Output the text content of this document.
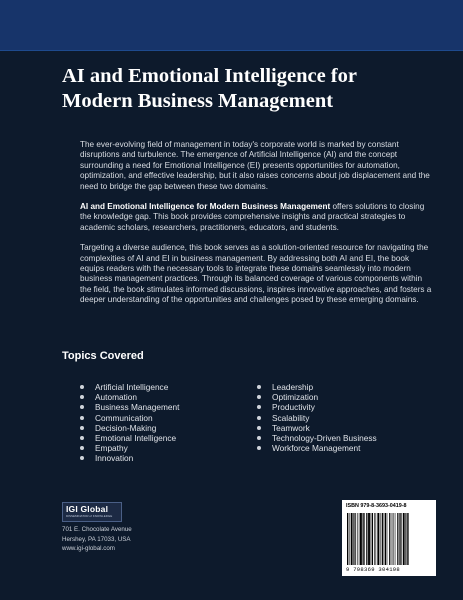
AI and Emotional Intelligence for
Modern Business Management

The ever-evolving field of management in today's corporate world is marked by constant disruptions and turbulence. The emergence of Artificial Intelligence (AI) and the concept surrounding a need for Emotional Intelligence (EI) presents opportunities for automation, optimization, and effective leadership, but it also raises concerns about job displacement and the need to bridge the gap between these two domains.

AI and Emotional Intelligence for Modern Business Management offers solutions to closing the knowledge gap. This book provides comprehensive insights and practical strategies to academic scholars, researchers, practitioners, educators, and students.

Targeting a diverse audience, this book serves as a solution-oriented resource for navigating the complexities of AI and EI in business management. By addressing both AI and EI, the book equips readers with the necessary tools to integrate these domains seamlessly into modern business management practices. Through its balanced coverage of various components within the field, the book stimulates informed discussions, inspires innovative approaches, and fosters a deeper understanding of the opportunities and challenges posed by these emerging domains.

Topics Covered
Artificial Intelligence
Automation
Business Management
Communication
Decision-Making
Emotional Intelligence
Empathy
Innovation
Leadership
Optimization
Productivity
Scalability
Teamwork
Technology-Driven Business
Workforce Management
IGI Global
DISSEMINATOR of KNOWLEDGE
701 E. Chocolate Avenue
Hershey, PA 17033, USA
www.igi-global.com
ISBN 979-8-3693-0419-8
9 798369 304198
